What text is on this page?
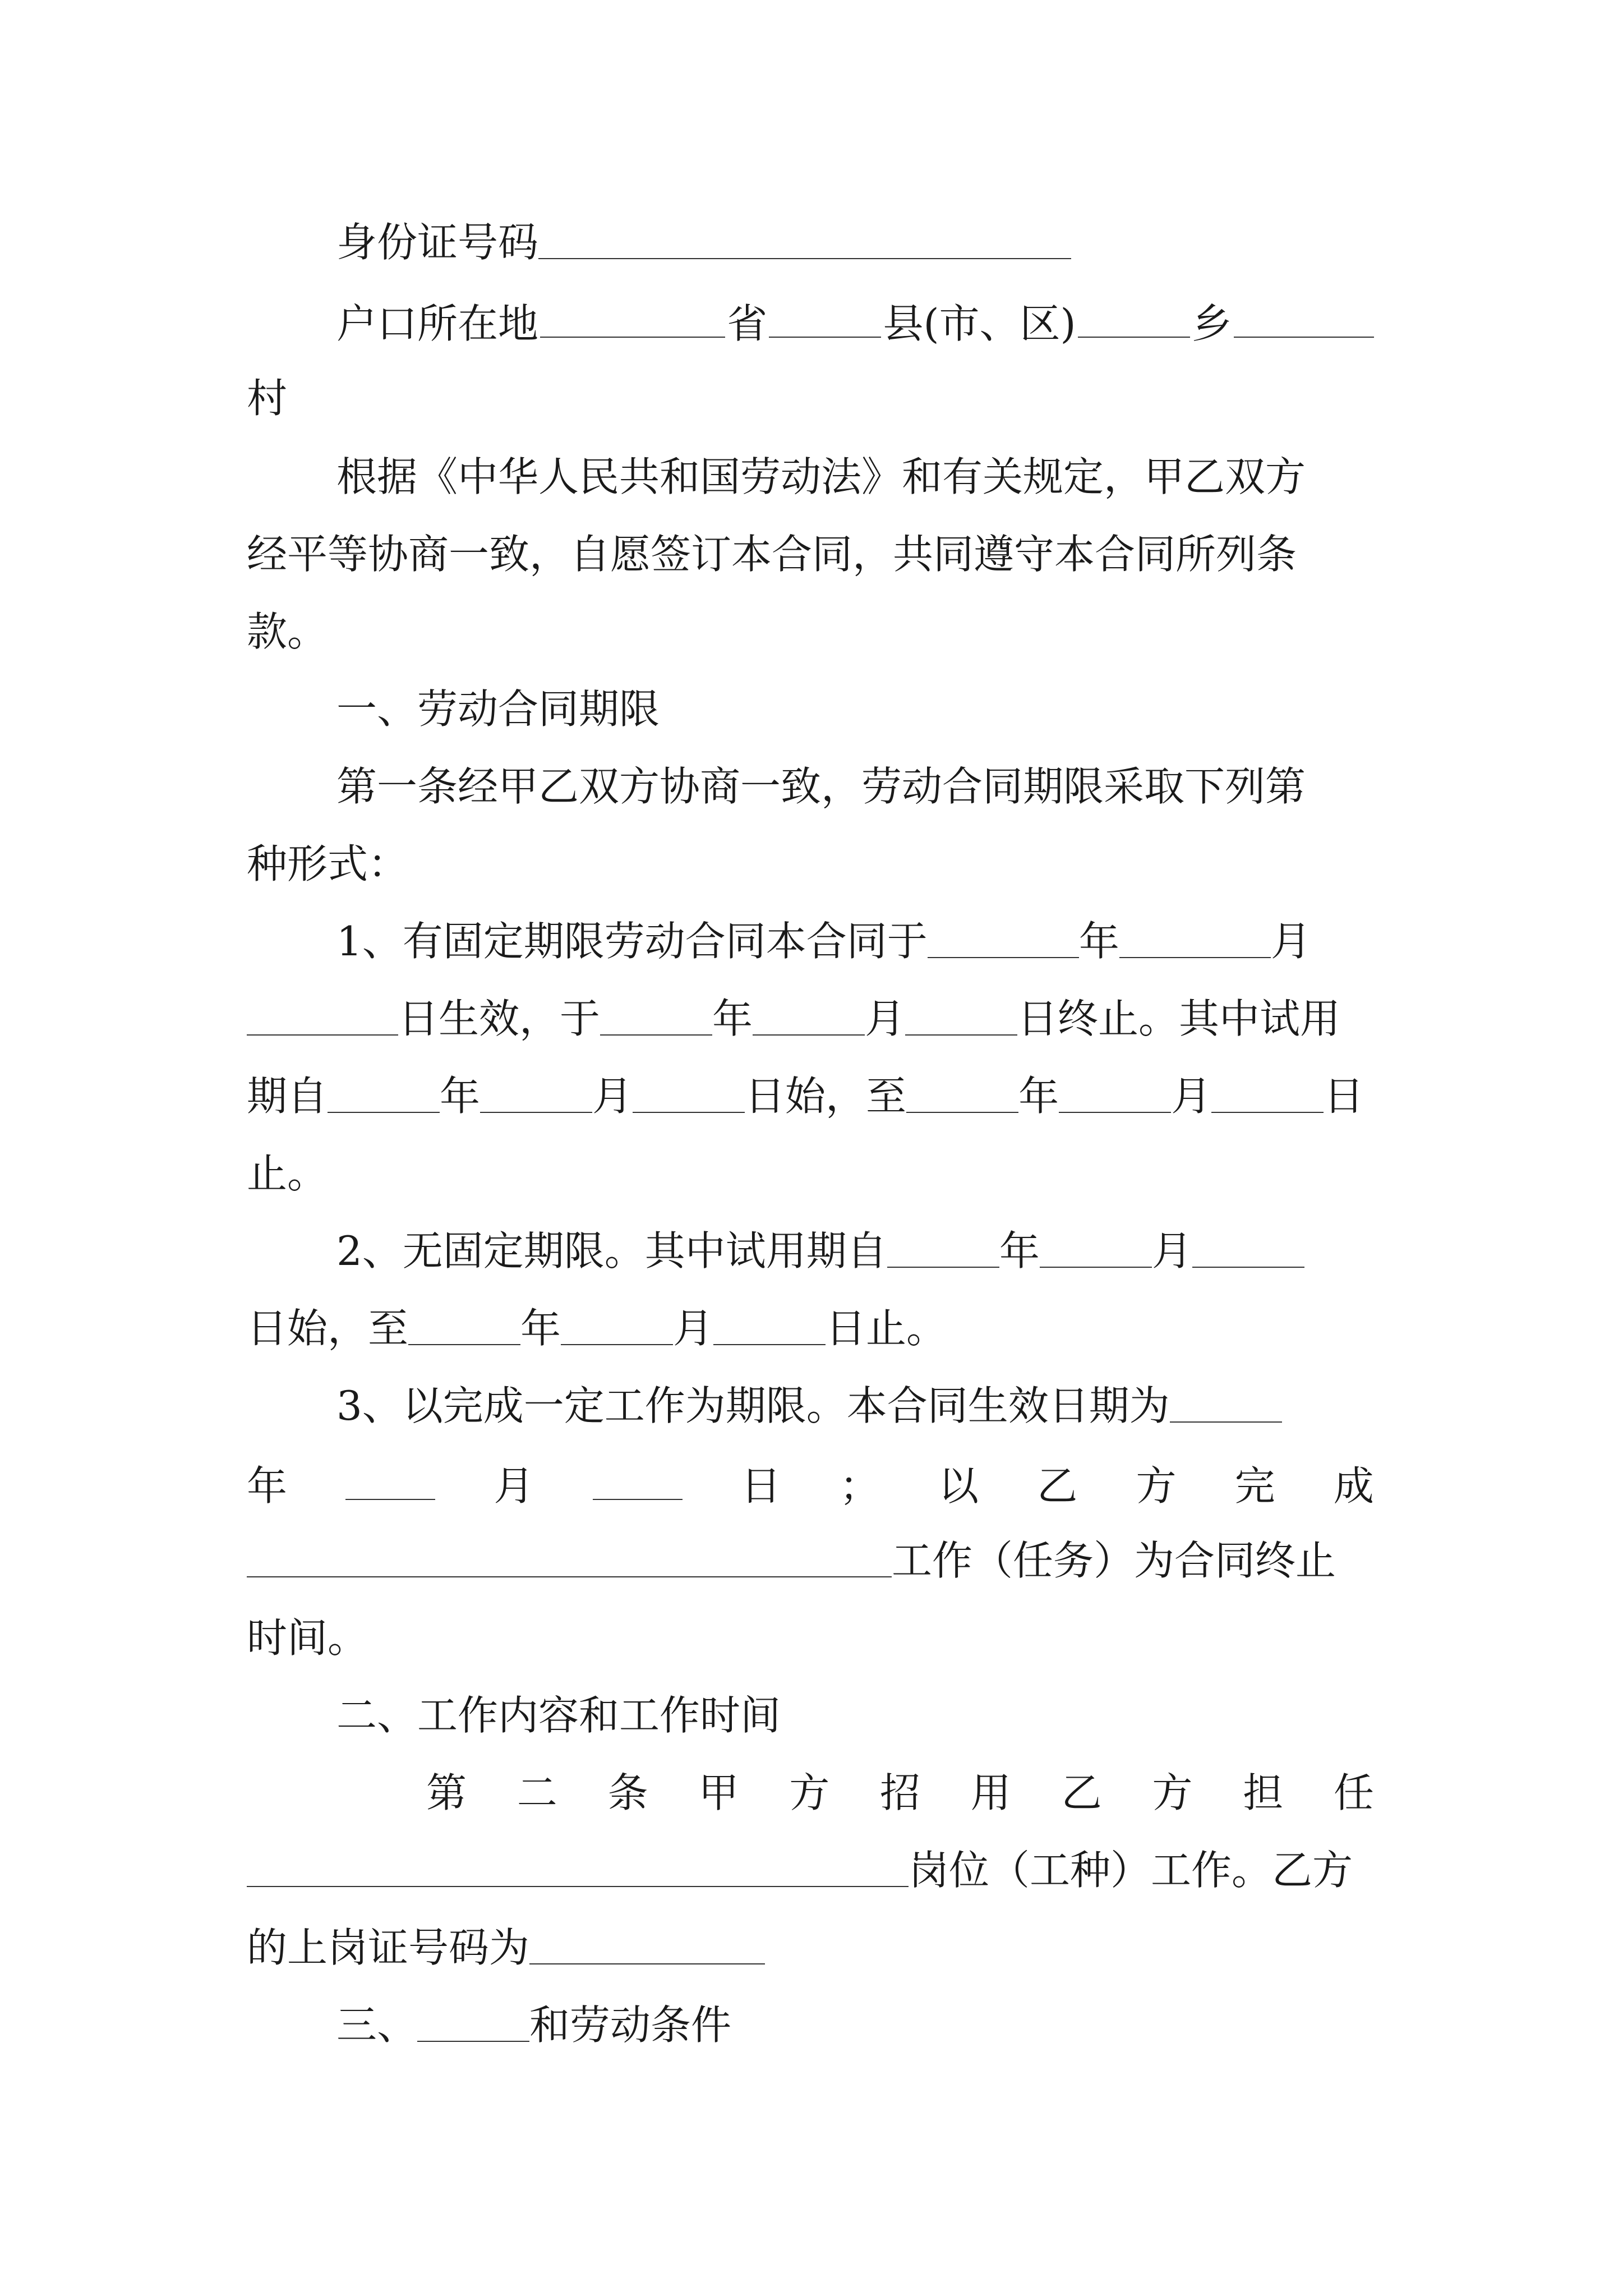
身份证号码
户口所在地	省	县(市、区)	乡
村
根据《中华人民共和国劳动法》和有关规定，甲乙双方
经平等协商一致，自愿签订本合同，共同遵守本合同所列条
款。
一、劳动合同期限
第一条经甲乙双方协商一致，劳动合同期限采取下列第
种形式：
1、有固定期限劳动合同本合同于	年	月
日生效，于	年	月	日终止。其中试用
期自	年	月	日始，至	年	月	日
止。
2、无固定期限。其中试用期自	年	月
日始，至	年	月	日止。
3、以完成一定工作为期限。本合同生效日期为
年	月	日 ； 以 乙 方 完 成
工作（任务）为合同终止
时间。
二、工作内容和工作时间
第 二 条 甲 方 招 用 乙 方 担 任
岗位（工种）工作。乙方
的上岗证号码为
三、	和劳动条件
